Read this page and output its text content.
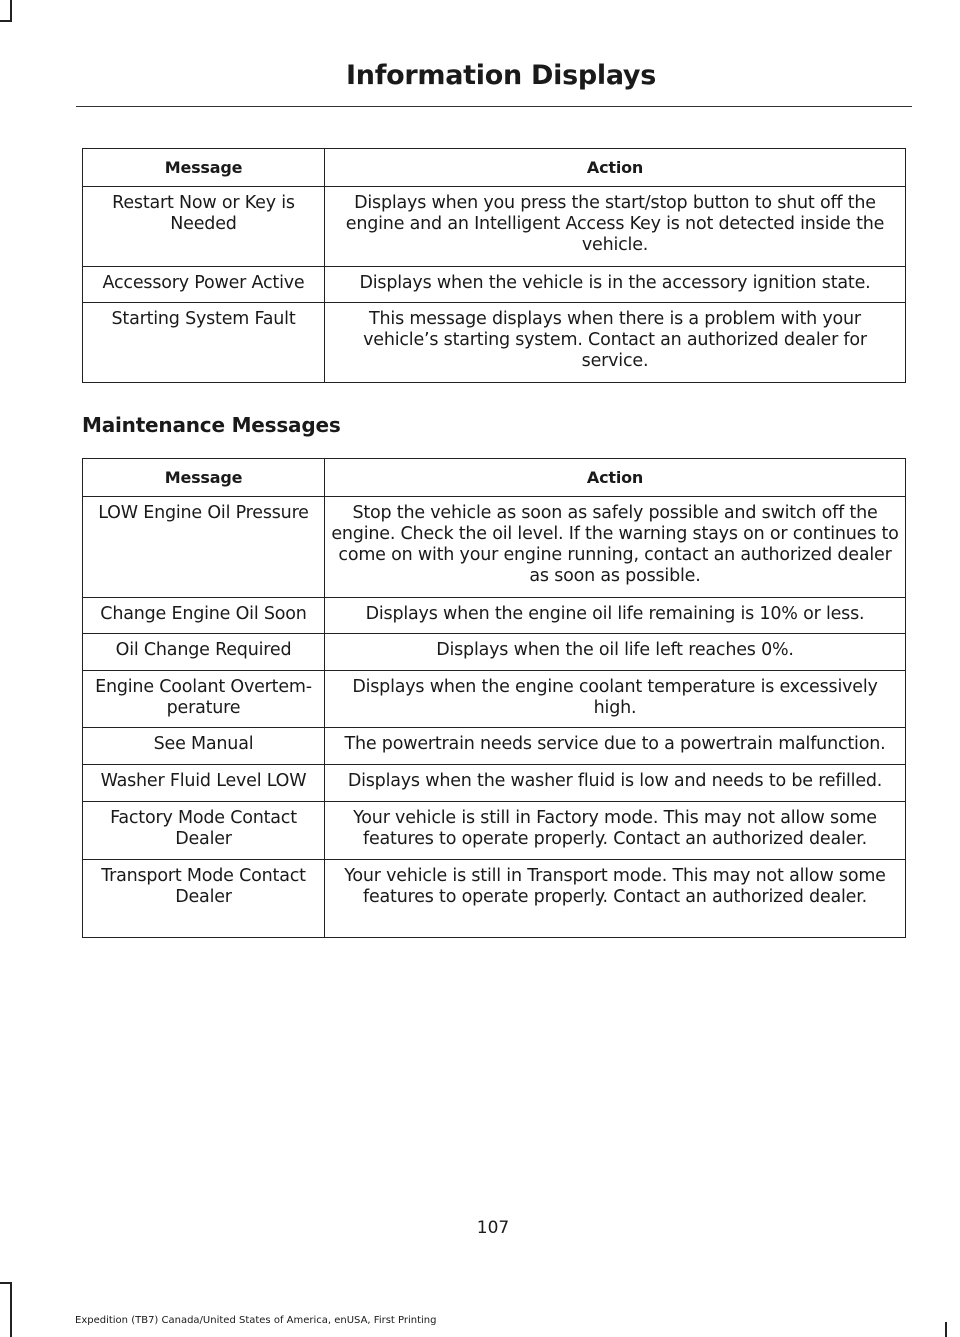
Information Displays
Message	Action
Restart Now or Key is Needed	Displays when you press the start/stop button to shut off the engine and an Intelligent Access Key is not detected inside the vehicle.
Accessory Power Active	Displays when the vehicle is in the accessory ignition state.
Starting System Fault	This message displays when there is a problem with your vehicle’s starting system. Contact an authorized dealer for service.
Maintenance Messages
Message	Action
LOW Engine Oil Pressure	Stop the vehicle as soon as safely possible and switch off the engine. Check the oil level. If the warning stays on or continues to come on with your engine running, contact an authorized dealer as soon as possible.
Change Engine Oil Soon	Displays when the engine oil life remaining is 10% or less.
Oil Change Required	Displays when the oil life left reaches 0%.
Engine Coolant Overtem-perature	Displays when the engine coolant temperature is excessively high.
See Manual	The powertrain needs service due to a powertrain malfunction.
Washer Fluid Level LOW	Displays when the washer fluid is low and needs to be refilled.
Factory Mode Contact Dealer	Your vehicle is still in Factory mode. This may not allow some features to operate properly. Contact an authorized dealer.
Transport Mode Contact Dealer	Your vehicle is still in Transport mode. This may not allow some features to operate properly. Contact an authorized dealer.
107
Expedition (TB7) Canada/United States of America, enUSA, First Printing
